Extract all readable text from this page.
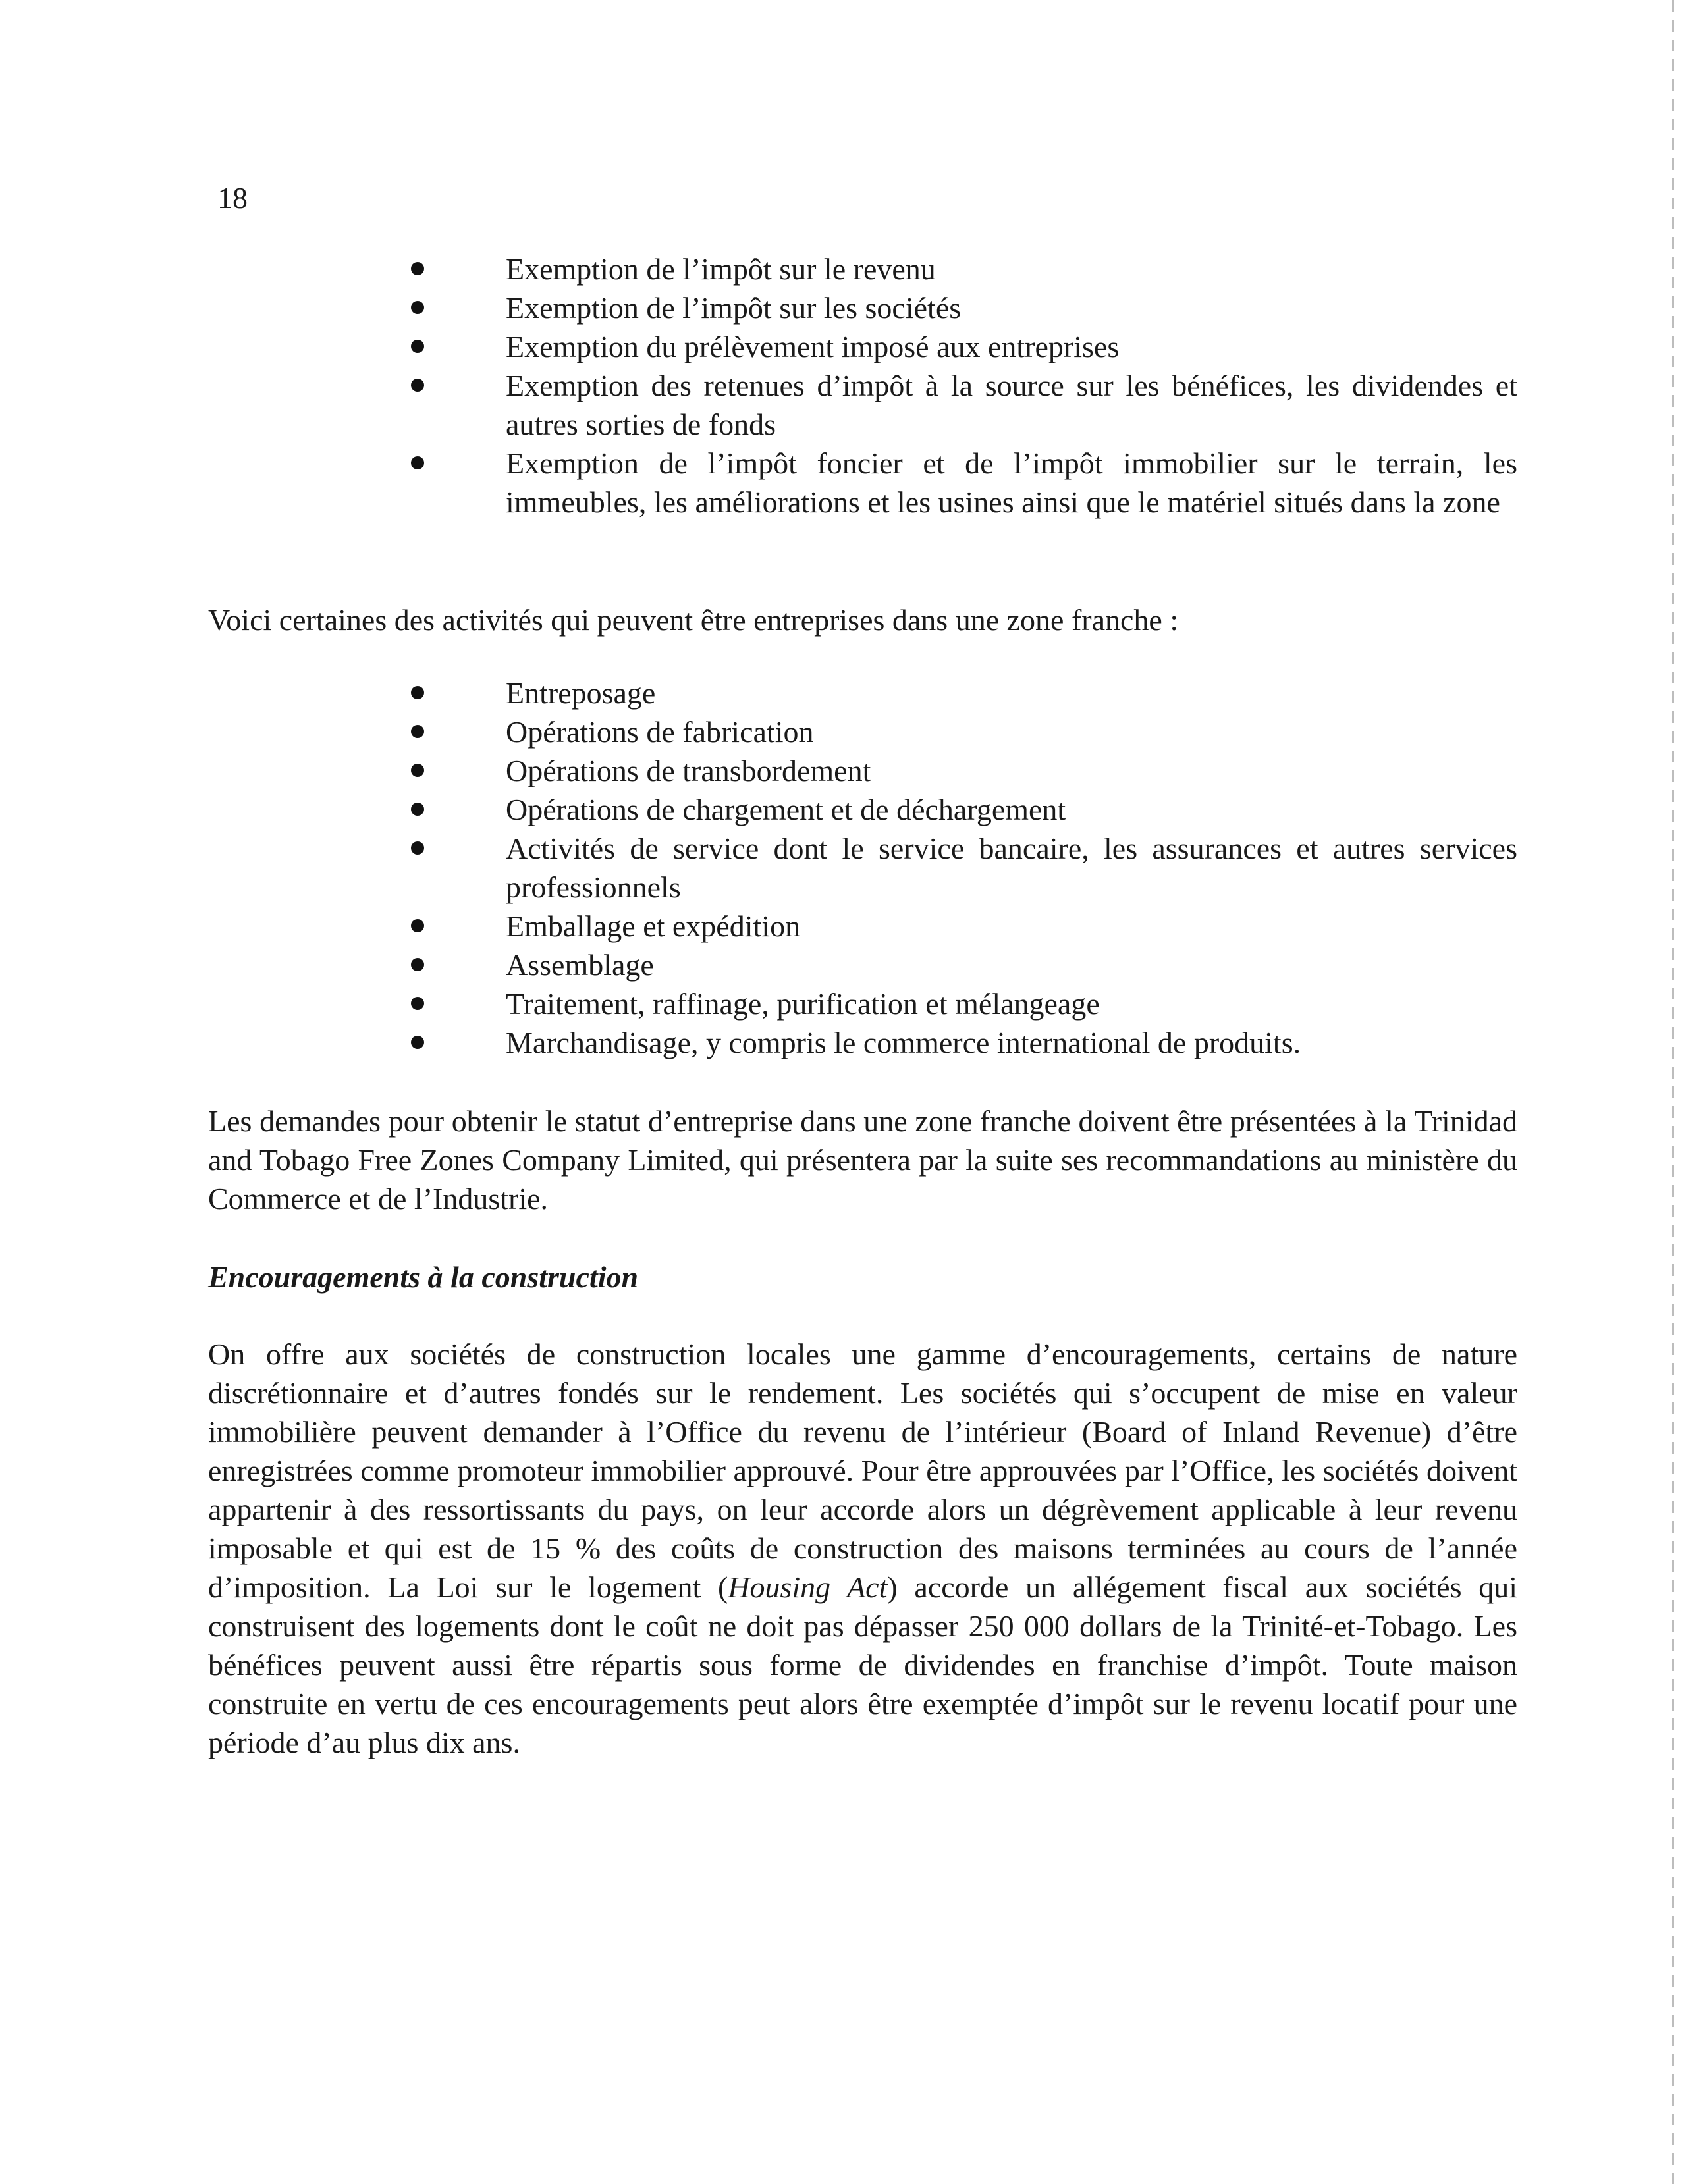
18
Exemption de l’impôt sur le revenu
Exemption de l’impôt sur les sociétés
Exemption du prélèvement imposé aux entreprises
Exemption des retenues d’impôt à la source sur les bénéfices, les dividendes et autres sorties de fonds
Exemption de l’impôt foncier et de l’impôt immobilier sur le terrain, les immeubles, les améliorations et les usines ainsi que le matériel situés dans la zone

Voici certaines des activités qui peuvent être entreprises dans une zone franche :

Entreposage
Opérations de fabrication
Opérations de transbordement
Opérations de chargement et de déchargement
Activités de service dont le service bancaire, les assurances et autres services professionnels
Emballage et expédition
Assemblage
Traitement, raffinage, purification et mélangeage
Marchandisage, y compris le commerce international de produits.

Les demandes pour obtenir le statut d’entreprise dans une zone franche doivent être présentées à la Trinidad and Tobago Free Zones Company Limited, qui présentera par la suite ses recommandations au ministère du Commerce et de l’Industrie.

Encouragements à la construction

On offre aux sociétés de construction locales une gamme d’encouragements, certains de nature discrétionnaire et d’autres fondés sur le rendement. Les sociétés qui s’occupent de mise en valeur immobilière peuvent demander à l’Office du revenu de l’intérieur (Board of Inland Revenue) d’être enregistrées comme promoteur immobilier approuvé. Pour être approuvées par l’Office, les sociétés doivent appartenir à des ressortissants du pays, on leur accorde alors un dégrèvement applicable à leur revenu imposable et qui est de 15 % des coûts de construction des maisons terminées au cours de l’année d’imposition. La Loi sur le logement (Housing Act) accorde un allégement fiscal aux sociétés qui construisent des logements dont le coût ne doit pas dépasser 250 000 dollars de la Trinité-et-Tobago. Les bénéfices peuvent aussi être répartis sous forme de dividendes en franchise d’impôt. Toute maison construite en vertu de ces encouragements peut alors être exemptée d’impôt sur le revenu locatif pour une période d’au plus dix ans.
